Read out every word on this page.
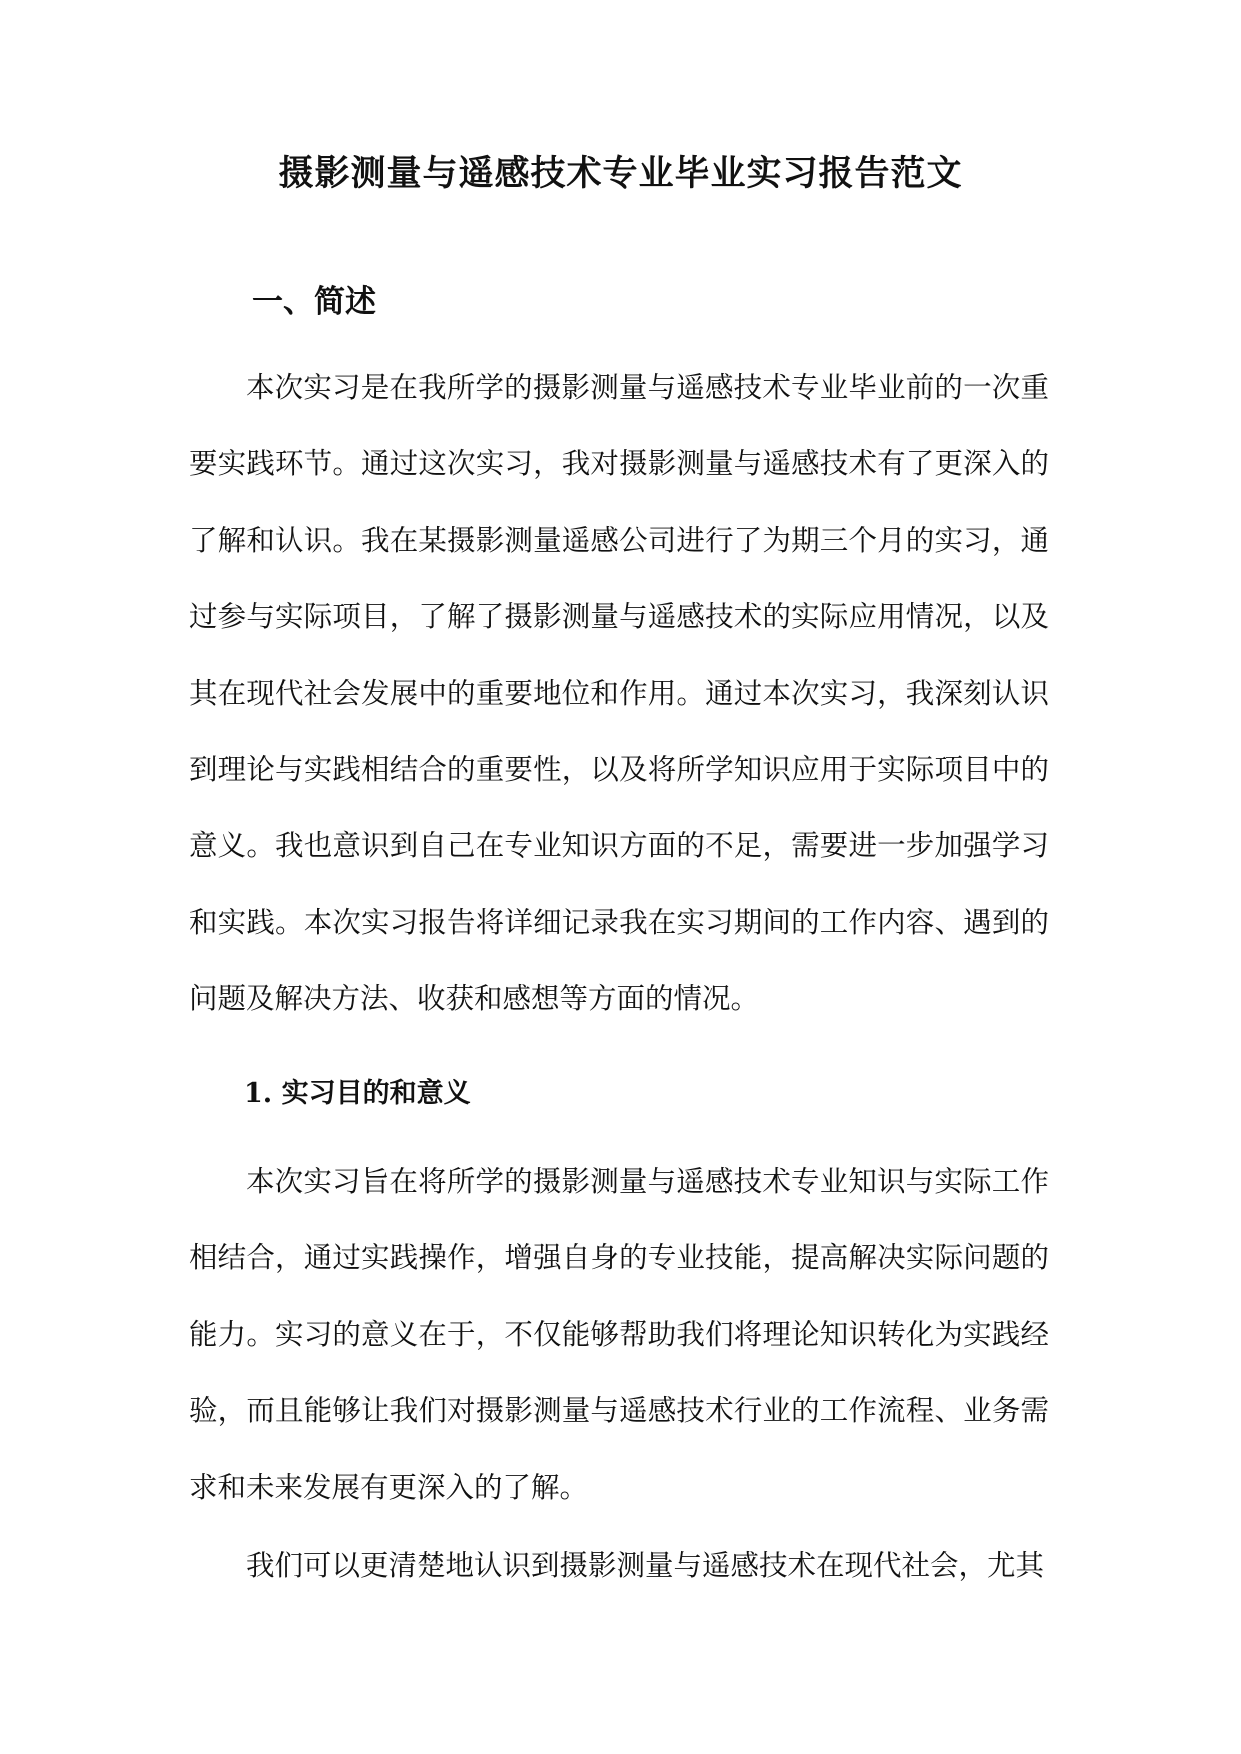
摄影测量与遥感技术专业毕业实习报告范文
一、简述

本次实习是在我所学的摄影测量与遥感技术专业毕业前的一次重要实践环节。通过这次实习，我对摄影测量与遥感技术有了更深入的了解和认识。我在某摄影测量遥感公司进行了为期三个月的实习，通过参与实际项目，了解了摄影测量与遥感技术的实际应用情况，以及其在现代社会发展中的重要地位和作用。通过本次实习，我深刻认识到理论与实践相结合的重要性，以及将所学知识应用于实际项目中的意义。我也意识到自己在专业知识方面的不足，需要进一步加强学习和实践。本次实习报告将详细记录我在实习期间的工作内容、遇到的问题及解决方法、收获和感想等方面的情况。

1. 实习目的和意义

本次实习旨在将所学的摄影测量与遥感技术专业知识与实际工作相结合，通过实践操作，增强自身的专业技能，提高解决实际问题的能力。实习的意义在于，不仅能够帮助我们将理论知识转化为实践经验，而且能够让我们对摄影测量与遥感技术行业的工作流程、业务需求和未来发展有更深入的了解。

我们可以更清楚地认识到摄影测量与遥感技术在现代社会，尤其
